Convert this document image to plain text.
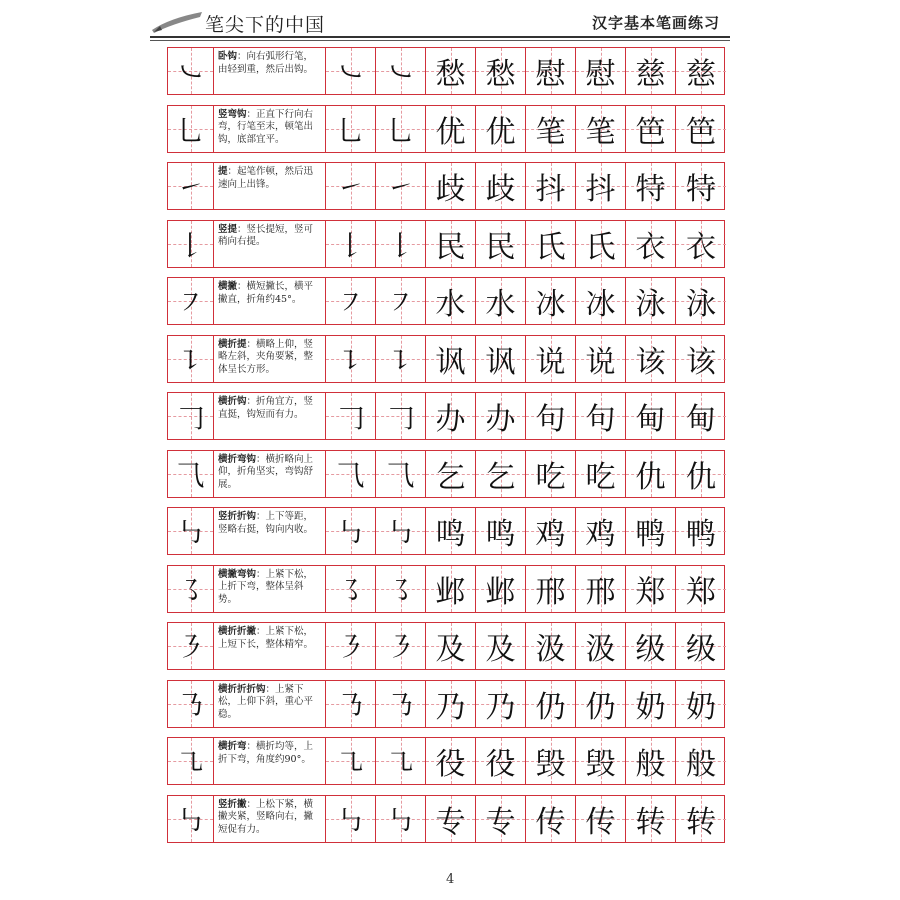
笔尖下的中国	汉字基本笔画练习
㇃ 卧钩：向右弧形行笔，由轻到重，然后出钩。 ㇃ ㇃ 愁 愁 慰 慰 慈 慈
乚 竖弯钩：正直下行向右弯，行笔至末，顿笔出钩，底部宜平。	乚 乚 优 优 笔 笔 笆 笆
㇀ 提：起笔作顿，然后迅速向上出锋。	㇀ ㇀ 歧 歧 抖 抖 特 特
𠄌 竖提：竖长提短，竖可稍向右提。	𠄌 𠄌 民 民 氏 氏 衣 衣
㇇ 横撇：横短撇长，横平撇直，折角约45°。	㇇ ㇇ 水 水 冰 冰 泳 泳
㇊ 横折提：横略上仰，竖略左斜，夹角要紧，整体呈长方形。	㇊ ㇊ 讽 讽 说 说 该 该
𠃌 横折钩：折角宜方，竖直挺，钩短而有力。	𠃌 𠃌 办 办 句 句 甸 甸
⺄ 横折弯钩：横折略向上仰，折角坚实，弯钩舒展。	⺄ ⺄ 乞 乞 吃 吃 仇 仇
㇉ 竖折折钩：上下等距，竖略右挺，钩向内收。 ㇉ ㇉ 鸣 鸣 鸡 鸡 鸭 鸭
㇌ 横撇弯钩：上紧下松，上折下弯，整体呈斜势。	㇌ ㇌ 邺 邺 邢 邢 郑 郑
㇋ 横折折撇：上紧下松，上短下长，整体精窄。 ㇋ ㇋ 及 及 汲 汲 级 级
㇡ 横折折折钩：上紧下松，上仰下斜，重心平稳。	㇡ ㇡ 乃 乃 仍 仍 奶 奶
㇈ 横折弯：横折均等，上折下弯，角度约90°。 ㇈ ㇈ 役 役 毁 毁 般 般
㇉ 竖折撇：上松下紧，横撇夹紧，竖略向右，撇短促有力。	㇉ ㇉ 专 专 传 传 转 转
4
